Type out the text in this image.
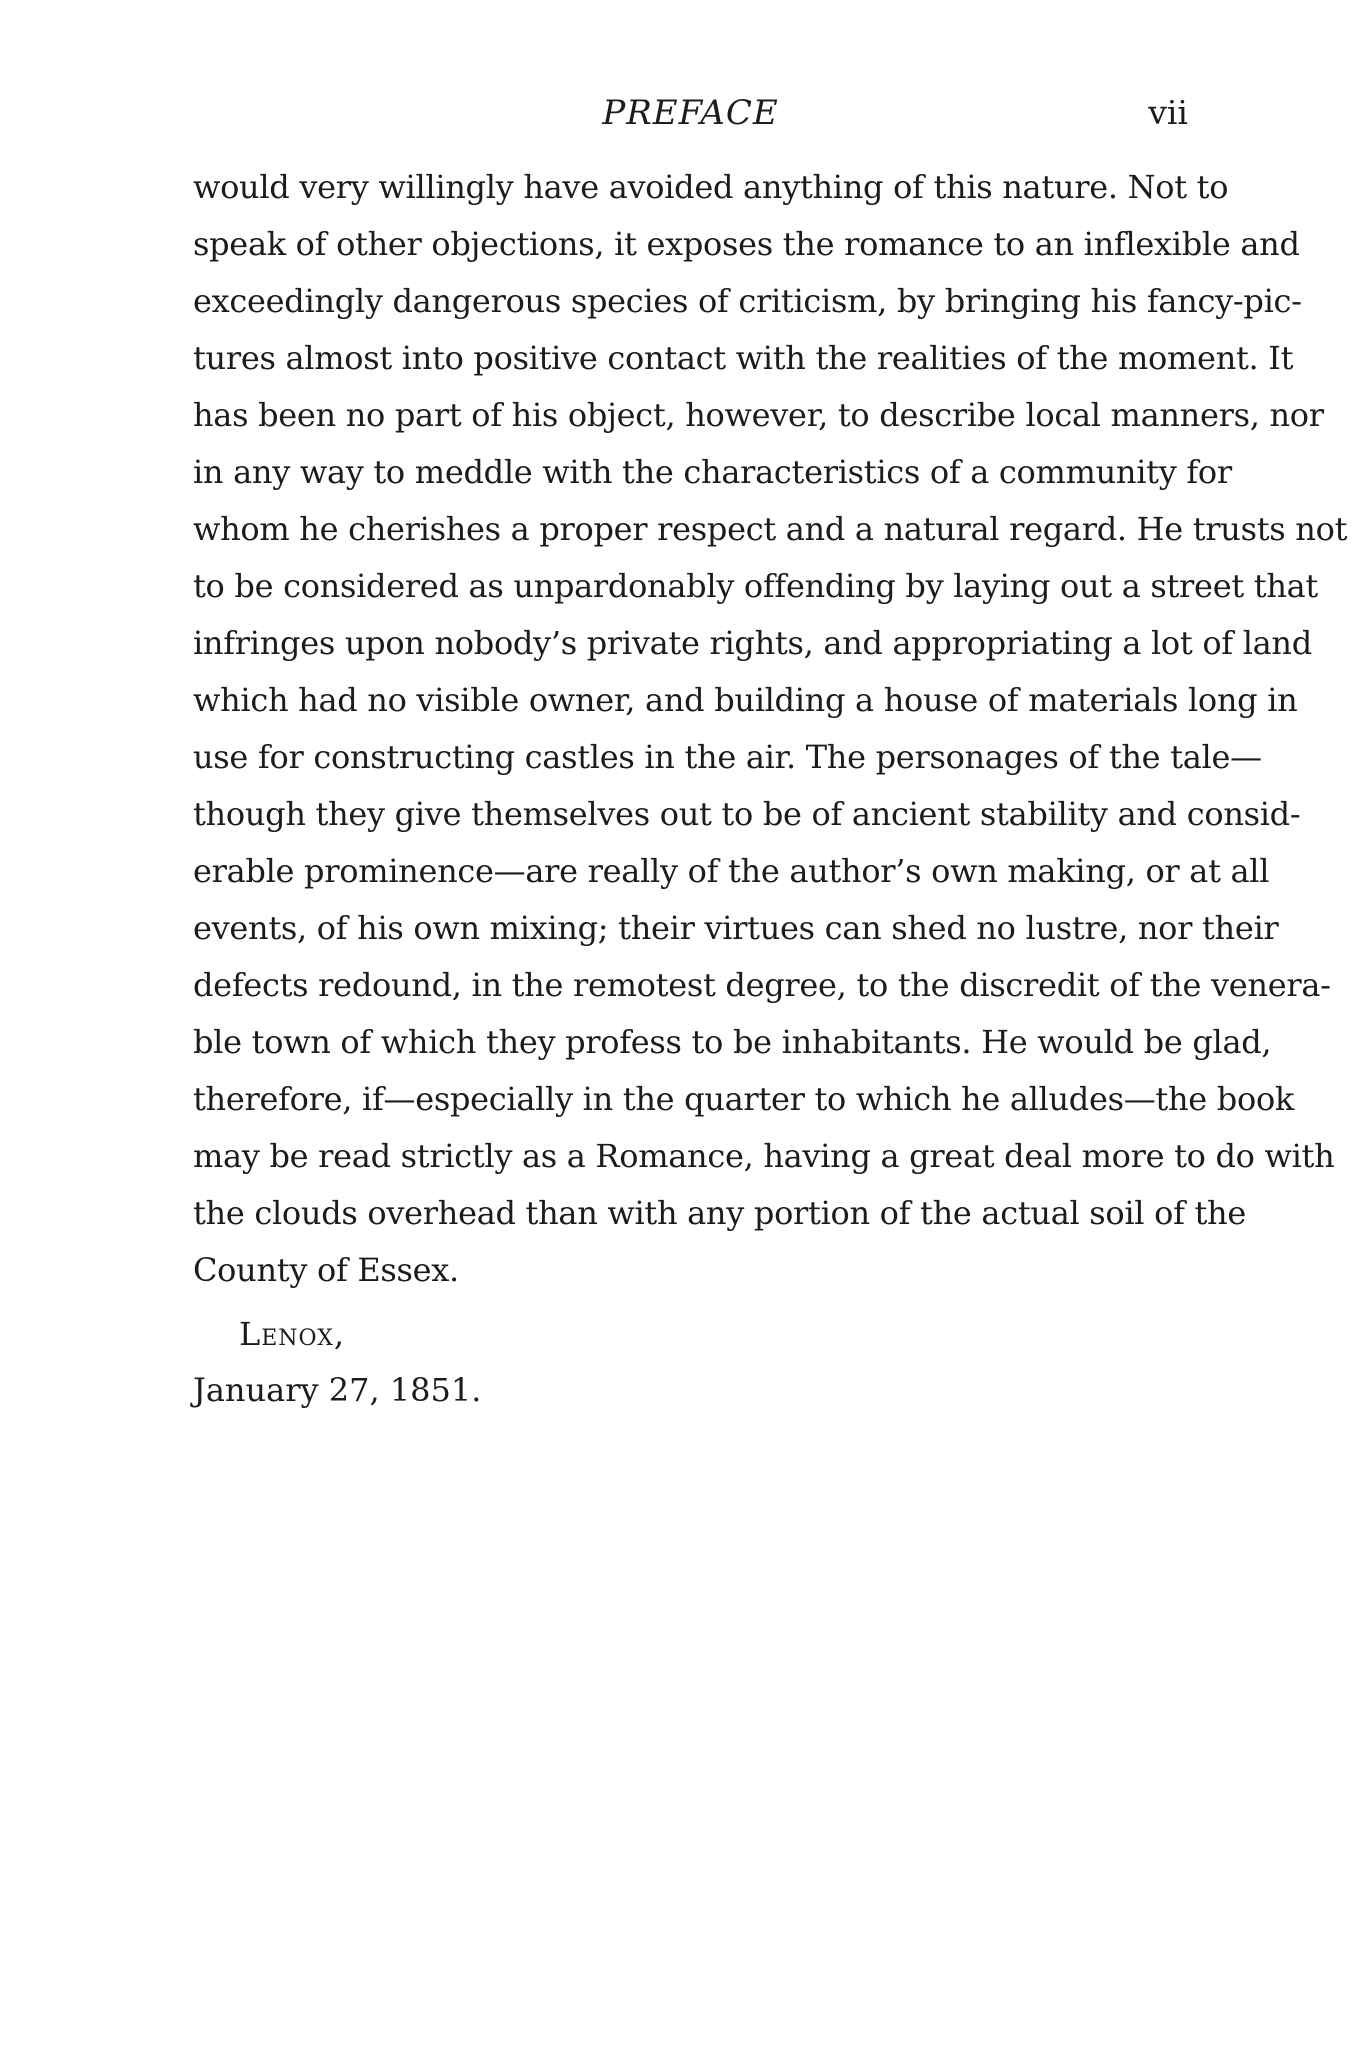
PREFACE	vii
would very willingly have avoided anything of this nature. Not to
speak of other objections, it exposes the romance to an inflexible and
exceedingly dangerous species of criticism, by bringing his fancy-pic-
tures almost into positive contact with the realities of the moment. It
has been no part of his object, however, to describe local manners, nor
in any way to meddle with the characteristics of a community for
whom he cherishes a proper respect and a natural regard. He trusts not
to be considered as unpardonably offending by laying out a street that
infringes upon nobody’s private rights, and appropriating a lot of land
which had no visible owner, and building a house of materials long in
use for constructing castles in the air. The personages of the tale—
though they give themselves out to be of ancient stability and consid-
erable prominence—are really of the author’s own making, or at all
events, of his own mixing; their virtues can shed no lustre, nor their
defects redound, in the remotest degree, to the discredit of the venera-
ble town of which they profess to be inhabitants. He would be glad,
therefore, if—especially in the quarter to which he alludes—the book
may be read strictly as a Romance, having a great deal more to do with
the clouds overhead than with any portion of the actual soil of the
County of Essex.
Lenox,
January 27, 1851.
